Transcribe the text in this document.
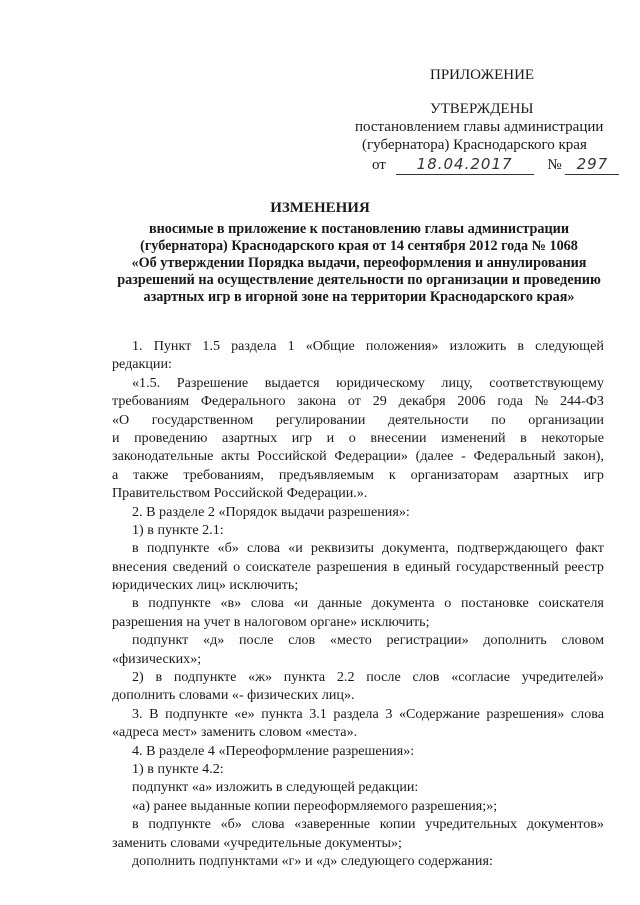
ПРИЛОЖЕНИЕ
УТВЕРЖДЕНЫ
постановлением главы администрации
(губернатора) Краснодарского края
от 18.04.2017 № 297
ИЗМЕНЕНИЯ
вносимые в приложение к постановлению главы администрации
(губернатора) Краснодарского края от 14 сентября 2012 года № 1068
«Об утверждении Порядка выдачи, переоформления и аннулирования
разрешений на осуществление деятельности по организации и проведению
азартных игр в игорной зоне на территории Краснодарского края»
1. Пункт 1.5 раздела 1 «Общие положения» изложить в следующей
редакции:
«1.5. Разрешение выдается юридическому лицу, соответствующему
требованиям Федерального закона от 29 декабря 2006 года № 244-ФЗ
«О государственном регулировании деятельности по организации
и проведению азартных игр и о внесении изменений в некоторые
законодательные акты Российской Федерации» (далее - Федеральный закон),
а также требованиям, предъявляемым к организаторам азартных игр
Правительством Российской Федерации.».
2. В разделе 2 «Порядок выдачи разрешения»:
1) в пункте 2.1:
в подпункте «б» слова «и реквизиты документа, подтверждающего факт
внесения сведений о соискателе разрешения в единый государственный реестр
юридических лиц» исключить;
в подпункте «в» слова «и данные документа о постановке соискателя
разрешения на учет в налоговом органе» исключить;
подпункт «д» после слов «место регистрации» дополнить словом
«физических»;
2) в подпункте «ж» пункта 2.2 после слов «согласие учредителей»
дополнить словами «- физических лиц».
3. В подпункте «е» пункта 3.1 раздела 3 «Содержание разрешения» слова
«адреса мест» заменить словом «места».
4. В разделе 4 «Переоформление разрешения»:
1) в пункте 4.2:
подпункт «а» изложить в следующей редакции:
«а) ранее выданные копии переоформляемого разрешения;»;
в подпункте «б» слова «заверенные копии учредительных документов»
заменить словами «учредительные документы»;
дополнить подпунктами «г» и «д» следующего содержания:
